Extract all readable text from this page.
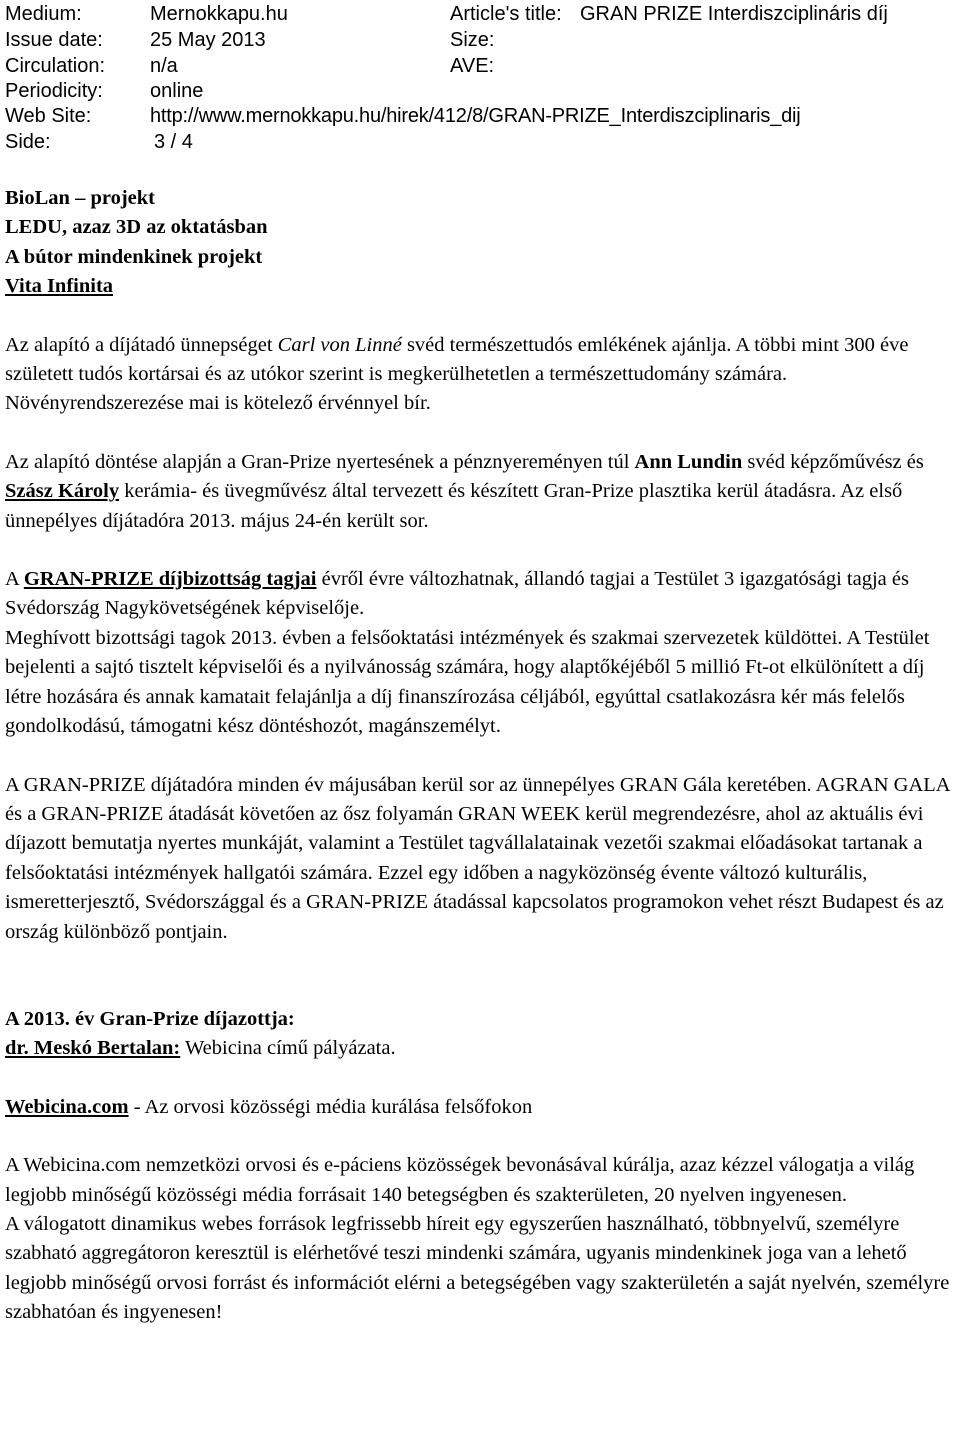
Medium:	Mernokkapu.hu	Article's title: GRAN PRIZE Interdiszciplináris díj
Issue date: 25 May 2013	Size:
Circulation: n/a	AVE:
Periodicity: online
Web Site:	http://www.mernokkapu.hu/hirek/412/8/GRAN-PRIZE_Interdiszciplinaris_dij
Side:	3 / 4

BioLan – projekt

LEDU, azaz 3D az oktatásban

A bútor mindenkinek projekt

Vita Infinita

Az alapító a díjátadó ünnepséget Carl von Linné svéd természettudós emlékének ajánlja. A többi mint 300 éve született tudós kortársai és az utókor szerint is megkerülhetetlen a természettudomány számára. Növényrendszerezése mai is kötelező érvénnyel bír.

Az alapító döntése alapján a Gran-Prize nyertesének a pénznyereményen túl Ann Lundin svéd képzőművész és Szász Károly kerámia- és üvegművész által tervezett és készített Gran-Prize plasztika kerül átadásra. Az első ünnepélyes díjátadóra 2013. május 24-én került sor.

A GRAN-PRIZE díjbizottság tagjai évről évre változhatnak, állandó tagjai a Testület 3 igazgatósági tagja és Svédország Nagykövetségének képviselője.

Meghívott bizottsági tagok 2013. évben a felsőoktatási intézmények és szakmai szervezetek küldöttei. A Testület bejelenti a sajtó tisztelt képviselői és a nyilvánosság számára, hogy alaptőkéjéből 5 millió Ft-ot elkülönített a díj létre hozására és annak kamatait felajánlja a díj finanszírozása céljából, egyúttal csatlakozásra kér más felelős gondolkodású, támogatni kész döntéshozót, magánszemélyt.

A GRAN-PRIZE díjátadóra minden év májusában kerül sor az ünnepélyes GRAN Gála keretében. AGRAN GALA és a GRAN-PRIZE átadását követően az ősz folyamán GRAN WEEK kerül megrendezésre, ahol az aktuális évi díjazott bemutatja nyertes munkáját, valamint a Testület tagvállalatainak vezetői szakmai előadásokat tartanak a felsőoktatási intézmények hallgatói számára. Ezzel egy időben a nagyközönség évente változó kulturális, ismeretterjesztő, Svédországgal és a GRAN-PRIZE átadással kapcsolatos programokon vehet részt Budapest és az ország különböző pontjain.

A 2013. év Gran-Prize díjazottja:

dr. Meskó Bertalan: Webicina című pályázata.

Webicina.com - Az orvosi közösségi média kurálása felsőfokon

A Webicina.com nemzetközi orvosi és e-páciens közösségek bevonásával kúrálja, azaz kézzel válogatja a világ legjobb minőségű közösségi média forrásait 140 betegségben és szakterületen, 20 nyelven ingyenesen.

A válogatott dinamikus webes források legfrissebb híreit egy egyszerűen használható, többnyelvű, személyre szabható aggregátoron keresztül is elérhetővé teszi mindenki számára, ugyanis mindenkinek joga van a lehető legjobb minőségű orvosi forrást és információt elérni a betegségében vagy szakterületén a saját nyelvén, személyre szabhatóan és ingyenesen!
